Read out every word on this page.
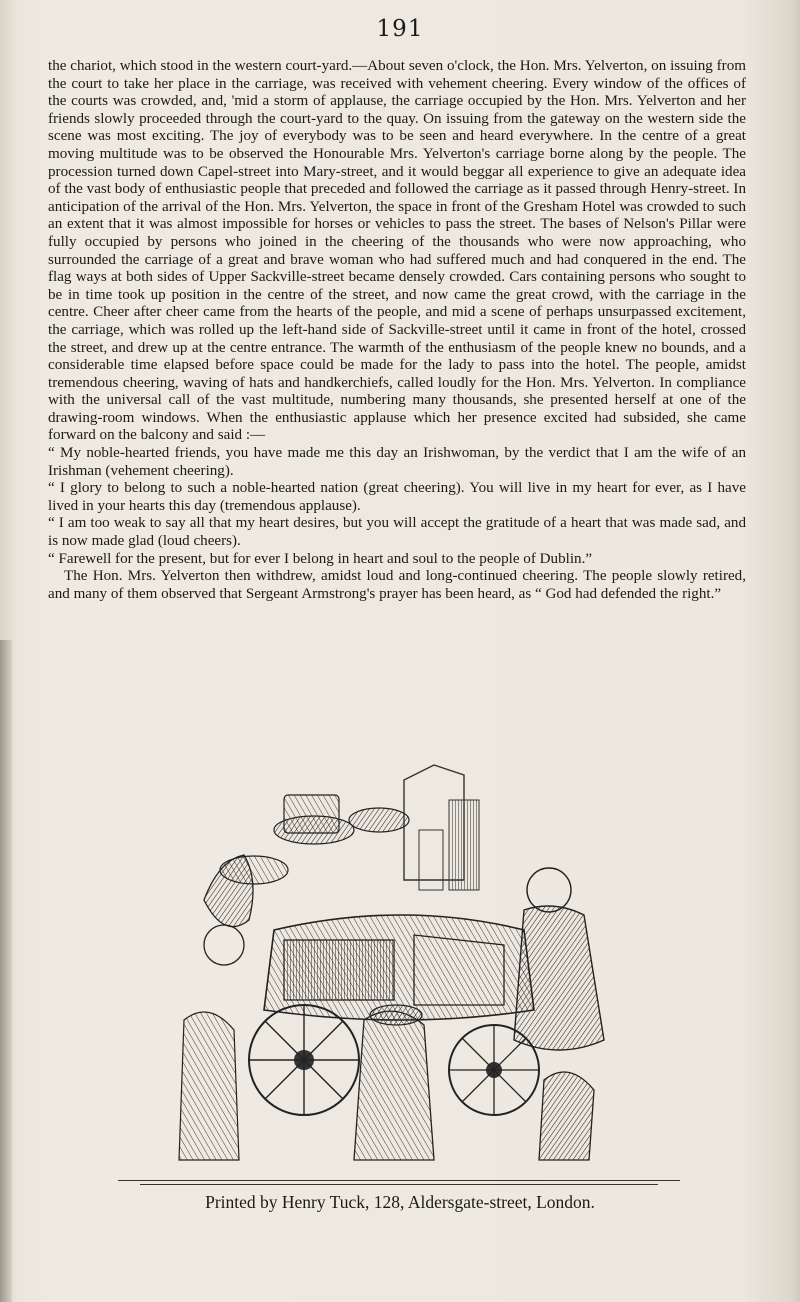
191

the chariot, which stood in the western court-yard.—About seven o'clock, the Hon. Mrs. Yelverton, on issuing from the court to take her place in the carriage, was received with vehement cheering. Every window of the offices of the courts was crowded, and, 'mid a storm of applause, the carriage occupied by the Hon. Mrs. Yelverton and her friends slowly proceeded through the court-yard to the quay. On issuing from the gateway on the western side the scene was most exciting. The joy of everybody was to be seen and heard everywhere. In the centre of a great moving multitude was to be observed the Honourable Mrs. Yelverton's carriage borne along by the people. The procession turned down Capel-street into Mary-street, and it would beggar all experience to give an adequate idea of the vast body of enthusiastic people that preceded and followed the carriage as it passed through Henry-street. In anticipation of the arrival of the Hon. Mrs. Yelverton, the space in front of the Gresham Hotel was crowded to such an extent that it was almost impossible for horses or vehicles to pass the street. The bases of Nelson's Pillar were fully occupied by persons who joined in the cheering of the thousands who were now approaching, who surrounded the carriage of a great and brave woman who had suffered much and had conquered in the end. The flag ways at both sides of Upper Sackville-street became densely crowded. Cars containing persons who sought to be in time took up position in the centre of the street, and now came the great crowd, with the carriage in the centre. Cheer after cheer came from the hearts of the people, and mid a scene of perhaps unsurpassed excitement, the carriage, which was rolled up the left-hand side of Sackville-street until it came in front of the hotel, crossed the street, and drew up at the centre entrance. The warmth of the enthusiasm of the people knew no bounds, and a considerable time elapsed before space could be made for the lady to pass into the hotel. The people, amidst tremendous cheering, waving of hats and handkerchiefs, called loudly for the Hon. Mrs. Yelverton. In compliance with the universal call of the vast multitude, numbering many thousands, she presented herself at one of the drawing-room windows. When the enthusiastic applause which her presence excited had subsided, she came forward on the balcony and said :—

“ My noble-hearted friends, you have made me this day an Irishwoman, by the verdict that I am the wife of an Irishman (vehement cheering).

“ I glory to belong to such a noble-hearted nation (great cheering). You will live in my heart for ever, as I have lived in your hearts this day (tremendous applause).

“ I am too weak to say all that my heart desires, but you will accept the gratitude of a heart that was made sad, and is now made glad (loud cheers).

“ Farewell for the present, but for ever I belong in heart and soul to the people of Dublin.”

The Hon. Mrs. Yelverton then withdrew, amidst loud and long-continued cheering. The people slowly retired, and many of them observed that Sergeant Armstrong's prayer has been heard, as “ God had defended the right.”

Printed by Henry Tuck, 128, Aldersgate-street, London.
